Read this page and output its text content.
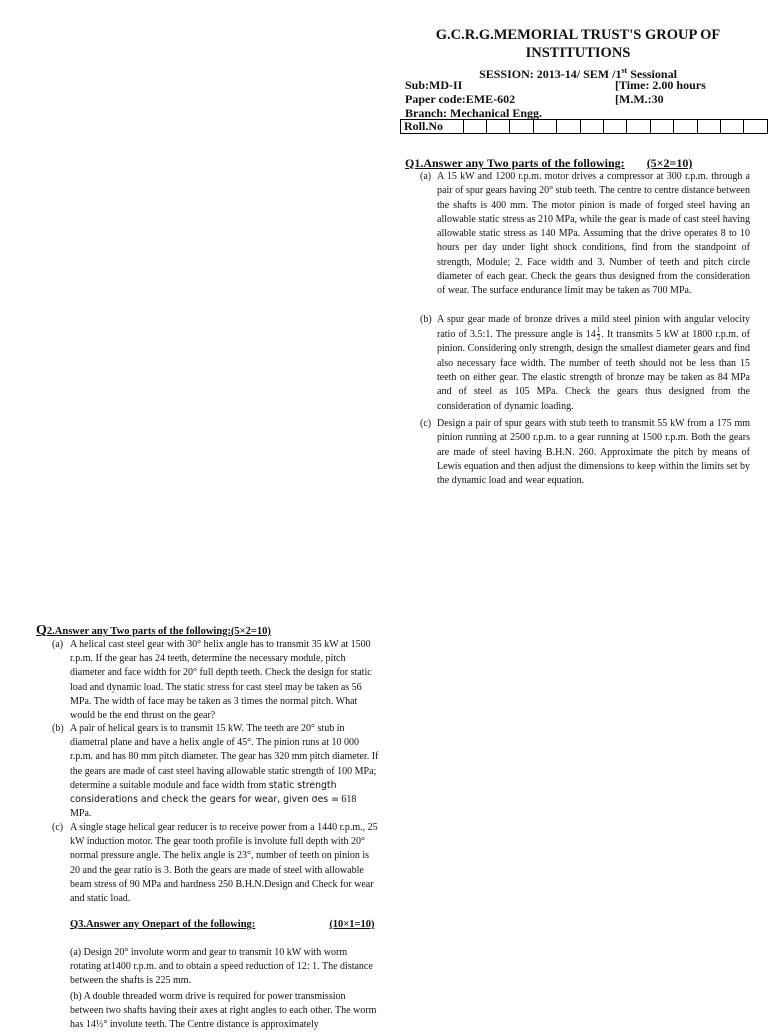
G.C.R.G.MEMORIAL TRUST'S GROUP OF INSTITUTIONS
SESSION: 2013-14/ SEM /1st Sessional
Sub:MD-II	[Time: 2.00 hours
Paper code:EME-602	[M.M.:30
Branch: Mechanical Engg.
Roll.No													
Q1.Answer any Two parts of the following: (5×2=10)
(a) A 15 kW and 1200 r.p.m. motor drives a compressor at 300 r.p.m. through a pair of spur gears having 20° stub teeth. The centre to centre distance between the shafts is 400 mm. The motor pinion is made of forged steel having an allowable static stress as 210 MPa, while the gear is made of cast steel having allowable static stress as 140 MPa. Assuming that the drive operates 8 to 10 hours per day under light shock conditions, find from the standpoint of strength, Module; 2. Face width and 3. Number of teeth and pitch circle diameter of each gear. Check the gears thus designed from the consideration of wear. The surface endurance limit may be taken as 700 MPa.
(b) A spur gear made of bronze drives a mild steel pinion with angular velocity ratio of 3.5:1. The pressure angle is $14 \frac{1}{2}$ . It transmits 5 kW at 1800 r.p.m. of pinion. Considering only strength, design the smallest diameter gears and find also necessary face width. The number of teeth should not be less than 15 teeth on either gear. The elastic strength of bronze may be taken as 84 MPa and of steel as 105 MPa. Check the gears thus designed from the consideration of dynamic loading.
(c) Design a pair of spur gears with stub teeth to transmit 55 kW from a 175 mm pinion running at 2500 r.p.m. to a gear running at 1500 r.p.m. Both the gears are made of steel having B.H.N. 260. Approximate the pitch by means of Lewis equation and then adjust the dimensions to keep within the limits set by the dynamic load and wear equation.
Q2.Answer any Two parts of the following:(5×2=10)
(a) A helical cast steel gear with 30° helix angle has to transmit 35 kW at 1500 r.p.m. If the gear has 24 teeth, determine the necessary module, pitch diameter and face width for 20° full depth teeth. Check the design for static load and dynamic load. The static stress for cast steel may be taken as 56 MPa. The width of face may be taken as 3 times the normal pitch. What would be the end thrust on the gear?
(b) A pair of helical gears is to transmit 15 kW. The teeth are 20° stub in diametral plane and have a helix angle of 45°. The pinion runs at 10 000 r.p.m. and has 80 mm pitch diameter. The gear has 320 mm pitch diameter. If the gears are made of cast steel having allowable static strength of 100 MPa; determine a suitable module and face width from static strength considerations and check the gears for wear, given σes = 618 MPa.
(c) A single stage helical gear reducer is to receive power from a 1440 r.p.m., 25 kW induction motor. The gear tooth profile is involute full depth with 20° normal pressure angle. The helix angle is 23°, number of teeth on pinion is 20 and the gear ratio is 3. Both the gears are made of steel with allowable beam stress of 90 MPa and hardness 250 B.H.N.Design and Check for wear and static load.
Q3.Answer any Onepart of the following:	(10×1=10)
(a) Design 20° involute worm and gear to transmit 10 kW with worm rotating at1400 r.p.m. and to obtain a speed reduction of 12: 1. The distance between the shafts is 225 mm.
(b) A double threaded worm drive is required for power transmission between two shafts having their axes at right angles to each other. The worm has 14½° involute teeth. The Centre distance is approximately
